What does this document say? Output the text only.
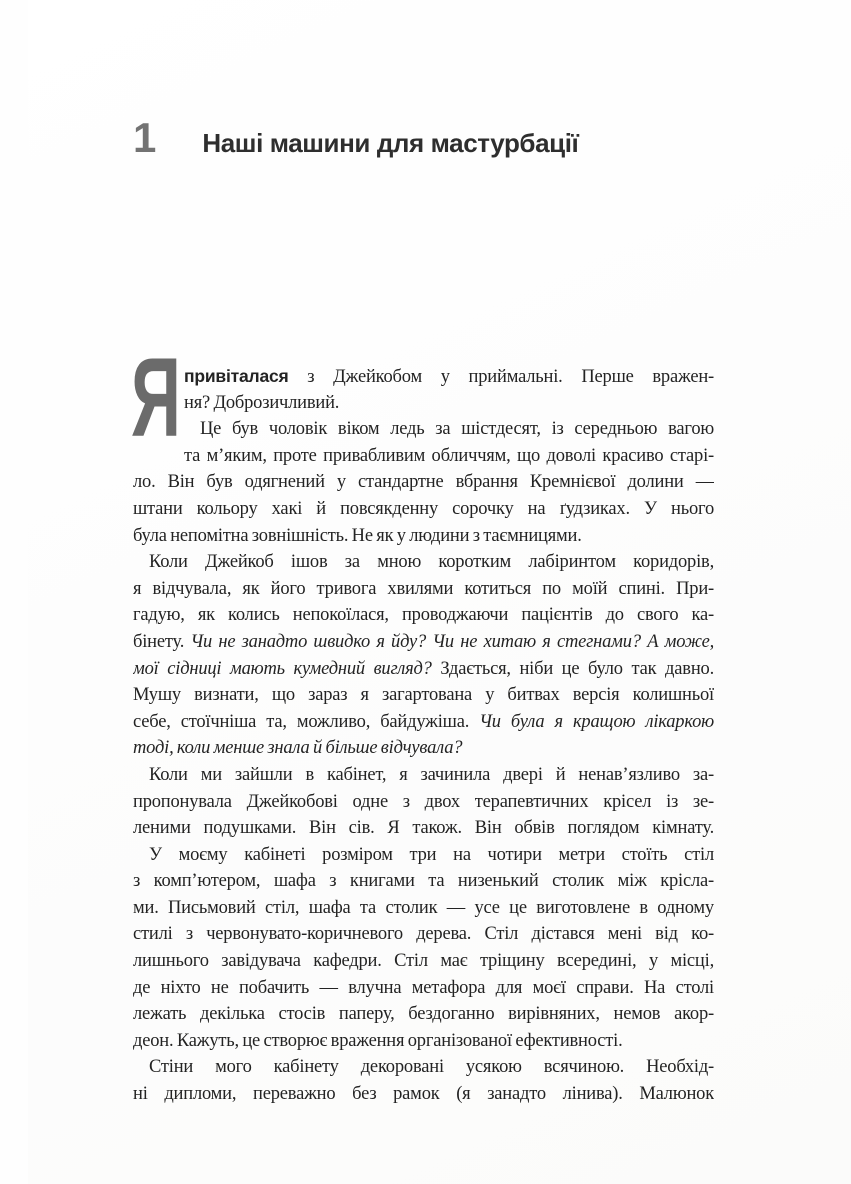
1 Наші машини для мастурбації
Я привіталася з Джейкобом у приймальні. Перше вражен-
ня? Доброзичливий.
Це був чоловік віком ледь за шістдесят, із середньою вагою
та м’яким, проте привабливим обличчям, що доволі красиво старі-
ло. Він був одягнений у стандартне вбрання Кремнієвої долини —
штани кольору хакі й повсякденну сорочку на ґудзиках. У нього
була непомітна зовнішність. Не як у людини з таємницями.
Коли Джейкоб ішов за мною коротким лабіринтом коридорів,
я відчувала, як його тривога хвилями котиться по моїй спині. При-
гадую, як колись непокоїлася, проводжаючи пацієнтів до свого ка-
бінету. Чи не занадто швидко я йду? Чи не хитаю я стегнами? А може,
мої сідниці мають кумедний вигляд? Здається, ніби це було так давно.
Мушу визнати, що зараз я загартована у битвах версія колишньої
себе, стоїчніша та, можливо, байдужіша. Чи була я кращою лікаркою
тоді, коли менше знала й більше відчувала?
Коли ми зайшли в кабінет, я зачинила двері й ненав’язливо за-
пропонувала Джейкобові одне з двох терапевтичних крісел із зе-
леними подушками. Він сів. Я також. Він обвів поглядом кімнату.
У моєму кабінеті розміром три на чотири метри стоїть стіл
з комп’ютером, шафа з книгами та низенький столик між крісла-
ми. Письмовий стіл, шафа та столик — усе це виготовлене в одному
стилі з червонувато-коричневого дерева. Стіл дістався мені від ко-
лишнього завідувача кафедри. Стіл має тріщину всередині, у місці,
де ніхто не побачить — влучна метафора для моєї справи. На столі
лежать декілька стосів паперу, бездоганно вирівняних, немов акор-
деон. Кажуть, це створює враження організованої ефективності.
Стіни мого кабінету декоровані усякою всячиною. Необхід-
ні дипломи, переважно без рамок (я занадто лінива). Малюнок
